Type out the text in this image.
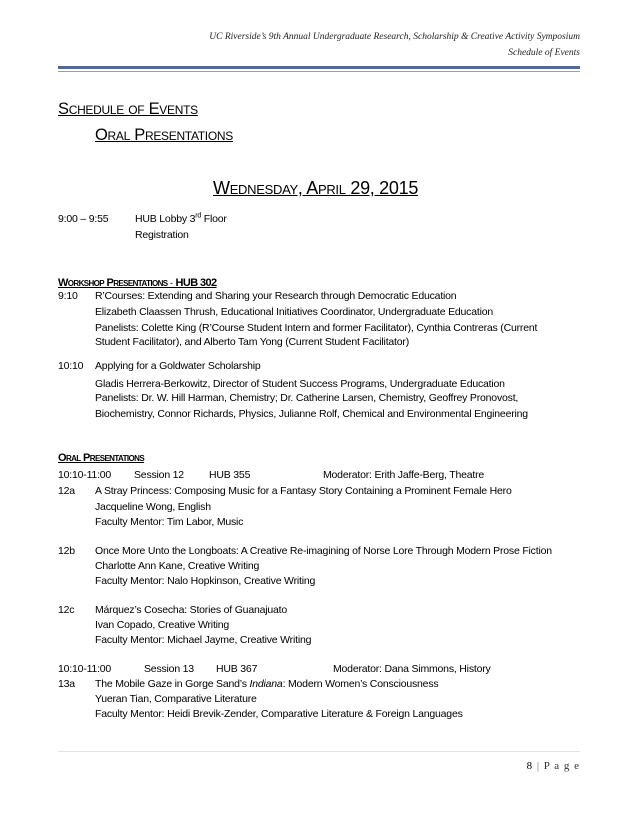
UC Riverside’s 9th Annual Undergraduate Research, Scholarship & Creative Activity Symposium
Schedule of Events
Schedule of Events
Oral Presentations
Wednesday, April 29, 2015
9:00 – 9:55	HUB Lobby 3rd Floor
Registration
Workshop Presentations - HUB 302
9:10 R’Courses: Extending and Sharing your Research through Democratic Education
Elizabeth Claassen Thrush, Educational Initiatives Coordinator, Undergraduate Education
Panelists: Colette King (R’Course Student Intern and former Facilitator), Cynthia Contreras (Current
Student Facilitator), and Alberto Tam Yong (Current Student Facilitator)
10:10 Applying for a Goldwater Scholarship
Gladis Herrera-Berkowitz, Director of Student Success Programs, Undergraduate Education
Panelists: Dr. W. Hill Harman, Chemistry; Dr. Catherine Larsen, Chemistry, Geoffrey Pronovost,
Biochemistry, Connor Richards, Physics, Julianne Rolf, Chemical and Environmental Engineering
Oral Presentations
10:10-11:00 Session 12 HUB 355	Moderator: Erith Jaffe-Berg, Theatre
12a A Stray Princess: Composing Music for a Fantasy Story Containing a Prominent Female Hero
Jacqueline Wong, English
Faculty Mentor: Tim Labor, Music
12b Once More Unto the Longboats: A Creative Re-imagining of Norse Lore Through Modern Prose Fiction
Charlotte Ann Kane, Creative Writing
Faculty Mentor: Nalo Hopkinson, Creative Writing
12c Márquez’s Cosecha: Stories of Guanajuato
Ivan Copado, Creative Writing
Faculty Mentor: Michael Jayme, Creative Writing
10:10-11:00	Session 13 HUB 367	Moderator: Dana Simmons, History
13a The Mobile Gaze in Gorge Sand’s Indiana: Modern Women’s Consciousness
Yueran Tian, Comparative Literature
Faculty Mentor: Heidi Brevik-Zender, Comparative Literature & Foreign Languages
8 | P a g e
